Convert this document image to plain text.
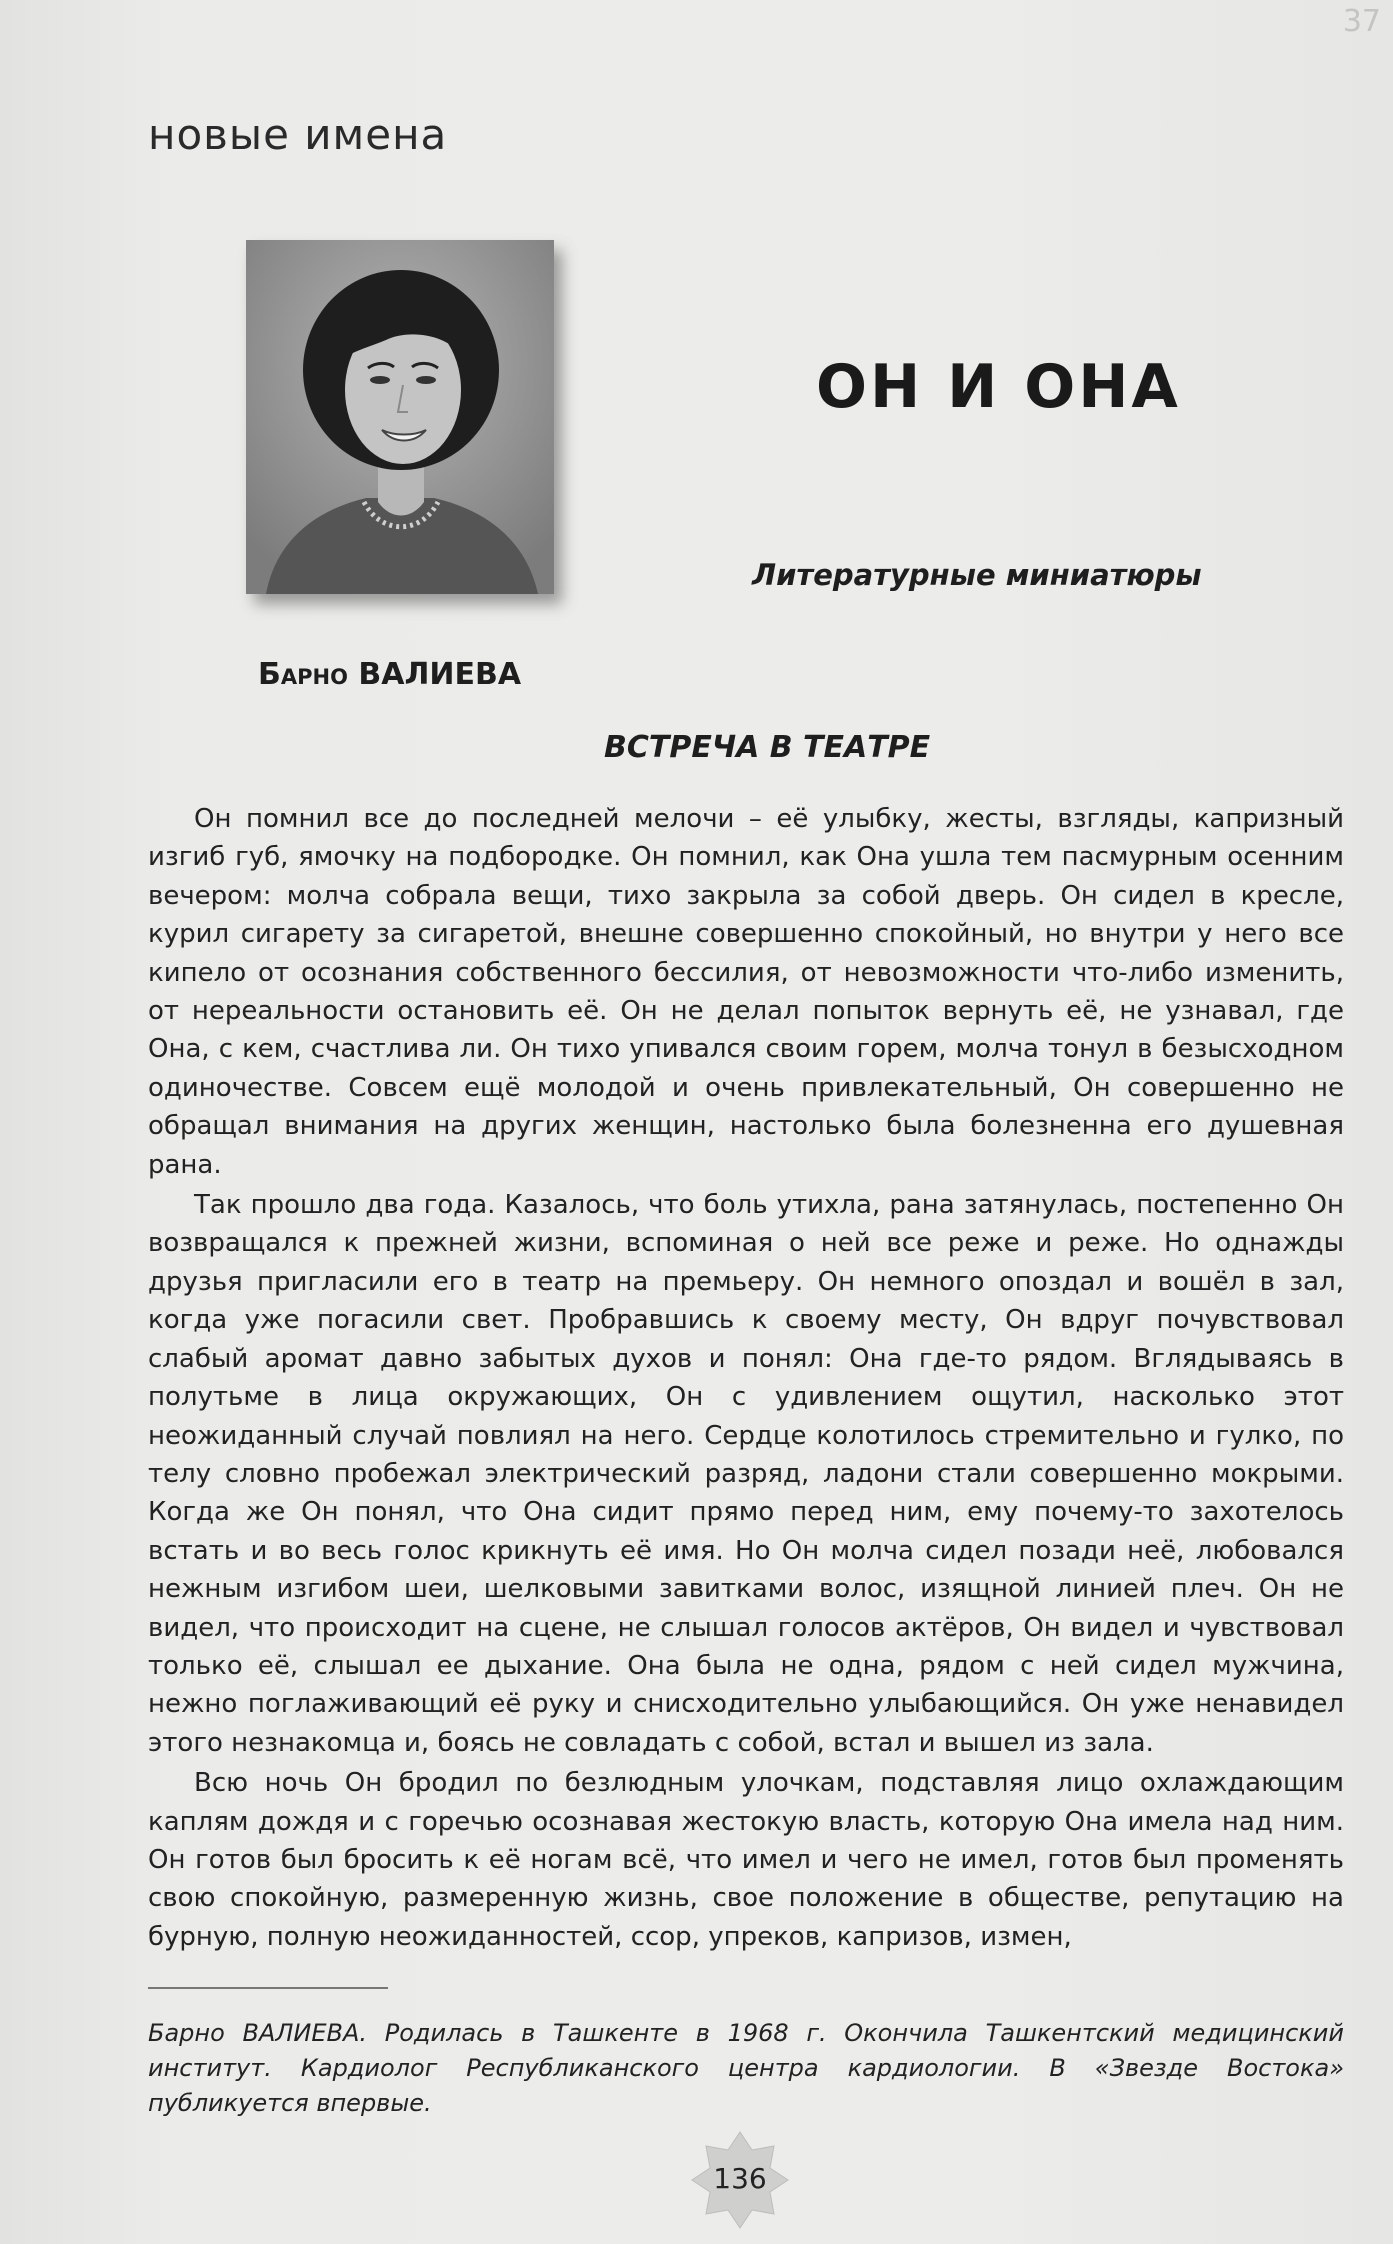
37
новые имена
ОН И ОНА
Литературные миниатюры
Барно ВАЛИЕВА
ВСТРЕЧА В ТЕАТРЕ

Он помнил все до последней мелочи – её улыбку, жесты, взгляды, капризный изгиб губ, ямочку на подбородке. Он помнил, как Она ушла тем пасмурным осенним вечером: молча собрала вещи, тихо закрыла за собой дверь. Он сидел в кресле, курил сигарету за сигаретой, внешне совершенно спокойный, но внутри у него все кипело от осознания собственного бессилия, от невозможности что-либо изменить, от нереальности остановить её. Он не делал попыток вернуть её, не узнавал, где Она, с кем, счастлива ли. Он тихо упивался своим горем, молча тонул в безысходном одиночестве. Совсем ещё молодой и очень привлекательный, Он совершенно не обращал внимания на других женщин, настолько была болезненна его душевная рана.

Так прошло два года. Казалось, что боль утихла, рана затянулась, постепенно Он возвращался к прежней жизни, вспоминая о ней все реже и реже. Но однажды друзья пригласили его в театр на премьеру. Он немного опоздал и вошёл в зал, когда уже погасили свет. Пробравшись к своему месту, Он вдруг почувствовал слабый аромат давно забытых духов и понял: Она где-то рядом. Вглядываясь в полутьме в лица окружающих, Он с удивлением ощутил, насколько этот неожиданный случай повлиял на него. Сердце колотилось стремительно и гулко, по телу словно пробежал электрический разряд, ладони стали совершенно мокрыми. Когда же Он понял, что Она сидит прямо перед ним, ему почему-то захотелось встать и во весь голос крикнуть её имя. Но Он молча сидел позади неё, любовался нежным изгибом шеи, шелковыми завитками волос, изящной линией плеч. Он не видел, что происходит на сцене, не слышал голосов актёров, Он видел и чувствовал только её, слышал ее дыхание. Она была не одна, рядом с ней сидел мужчина, нежно поглаживающий её руку и снисходительно улыбающийся. Он уже ненавидел этого незнакомца и, боясь не совладать с собой, встал и вышел из зала.

Всю ночь Он бродил по безлюдным улочкам, подставляя лицо охлаждающим каплям дождя и с горечью осознавая жестокую власть, которую Она имела над ним. Он готов был бросить к её ногам всё, что имел и чего не имел, готов был променять свою спокойную, размеренную жизнь, свое положение в обществе, репутацию на бурную, полную неожиданностей, ссор, упреков, капризов, измен,

Барно ВАЛИЕВА. Родилась в Ташкенте в 1968 г. Окончила Ташкентский медицинский институт. Кардиолог Республиканского центра кардиологии. В «Звезде Востока» публикуется впервые.
136
